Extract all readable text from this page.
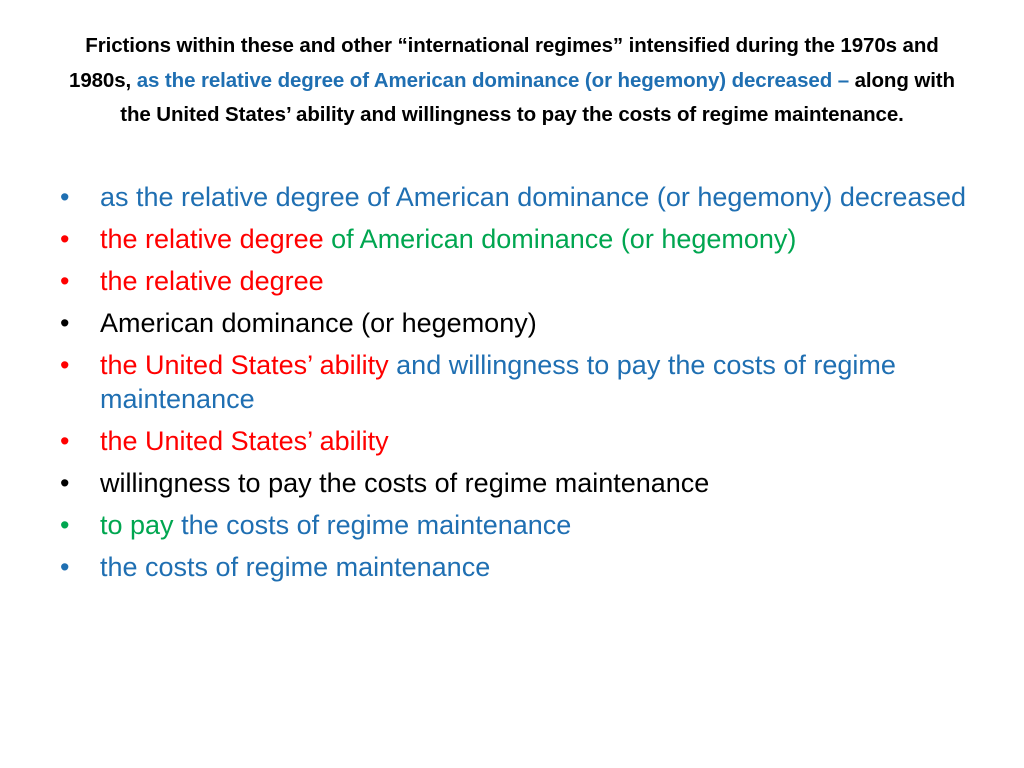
Frictions within these and other “international regimes” intensified during the 1970s and 1980s, as the relative degree of American dominance (or hegemony) decreased – along with the United States’ ability and willingness to pay the costs of regime maintenance.
• as the relative degree of American dominance (or hegemony) decreased
• the relative degree of American dominance (or hegemony)
• the relative degree
• American dominance (or hegemony)
• the United States’ ability and willingness to pay the costs of regime maintenance
• the United States’ ability
• willingness to pay the costs of regime maintenance
• to pay the costs of regime maintenance
• the costs of regime maintenance
